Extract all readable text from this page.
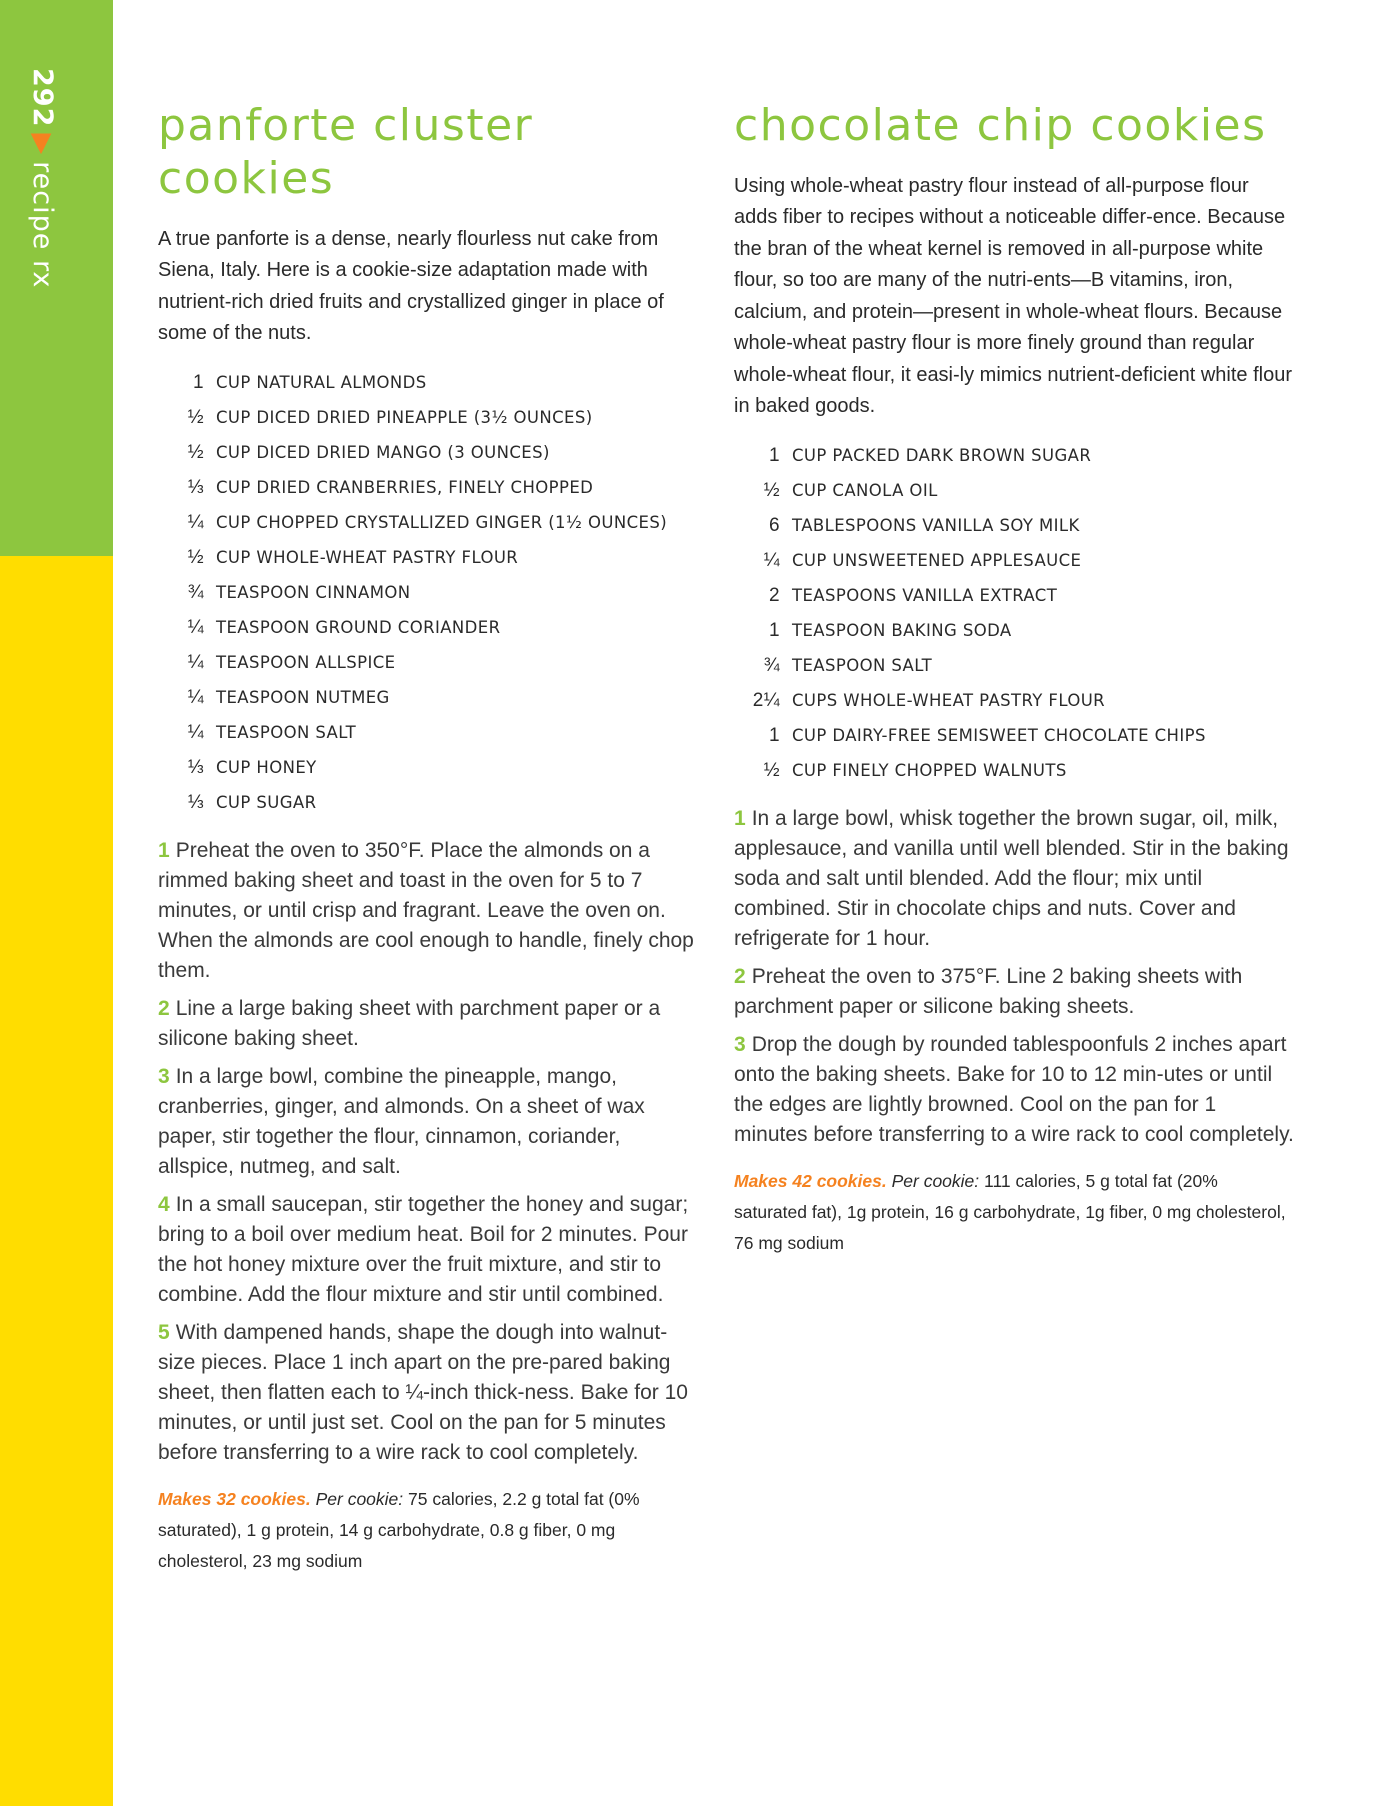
292▶recipe rx
panforte cluster cookies

A true panforte is a dense, nearly flourless nut cake from Siena, Italy. Here is a cookie-size adaptation made with nutrient-rich dried fruits and crystallized ginger in place of some of the nuts.

1 CUP NATURAL ALMONDS
½ CUP DICED DRIED PINEAPPLE (3½ OUNCES)
½ CUP DICED DRIED MANGO (3 OUNCES)
⅓ CUP DRIED CRANBERRIES, FINELY CHOPPED
¼ CUP CHOPPED CRYSTALLIZED GINGER (1½ OUNCES)
½ CUP WHOLE-WHEAT PASTRY FLOUR
¾ TEASPOON CINNAMON
¼ TEASPOON GROUND CORIANDER
¼ TEASPOON ALLSPICE
¼ TEASPOON NUTMEG
¼ TEASPOON SALT
⅓ CUP HONEY
⅓ CUP SUGAR

1 Preheat the oven to 350°F. Place the almonds on a rimmed baking sheet and toast in the oven for 5 to 7 minutes, or until crisp and fragrant. Leave the oven on. When the almonds are cool enough to handle, finely chop them.

2 Line a large baking sheet with parchment paper or a silicone baking sheet.

3 In a large bowl, combine the pineapple, mango, cranberries, ginger, and almonds. On a sheet of wax paper, stir together the flour, cinnamon, coriander, allspice, nutmeg, and salt.

4 In a small saucepan, stir together the honey and sugar; bring to a boil over medium heat. Boil for 2 minutes. Pour the hot honey mixture over the fruit mixture, and stir to combine. Add the flour mixture and stir until combined.

5 With dampened hands, shape the dough into walnut-size pieces. Place 1 inch apart on the pre-pared baking sheet, then flatten each to ¼-inch thick-ness. Bake for 10 minutes, or until just set. Cool on the pan for 5 minutes before transferring to a wire rack to cool completely.

Makes 32 cookies. Per cookie: 75 calories, 2.2 g total fat (0% saturated), 1 g protein, 14 g carbohydrate, 0.8 g fiber, 0 mg cholesterol, 23 mg sodium

chocolate chip cookies

Using whole-wheat pastry flour instead of all-purpose flour adds fiber to recipes without a noticeable differ-ence. Because the bran of the wheat kernel is removed in all-purpose white flour, so too are many of the nutri-ents—B vitamins, iron, calcium, and protein—present in whole-wheat flours. Because whole-wheat pastry flour is more finely ground than regular whole-wheat flour, it easi-ly mimics nutrient-deficient white flour in baked goods.

1 CUP PACKED DARK BROWN SUGAR
½ CUP CANOLA OIL
6 TABLESPOONS VANILLA SOY MILK
¼ CUP UNSWEETENED APPLESAUCE
2 TEASPOONS VANILLA EXTRACT
1 TEASPOON BAKING SODA
¾ TEASPOON SALT
2¼ CUPS WHOLE-WHEAT PASTRY FLOUR
1 CUP DAIRY-FREE SEMISWEET CHOCOLATE CHIPS
½ CUP FINELY CHOPPED WALNUTS

1 In a large bowl, whisk together the brown sugar, oil, milk, applesauce, and vanilla until well blended. Stir in the baking soda and salt until blended. Add the flour; mix until combined. Stir in chocolate chips and nuts. Cover and refrigerate for 1 hour.

2 Preheat the oven to 375°F. Line 2 baking sheets with parchment paper or silicone baking sheets.

3 Drop the dough by rounded tablespoonfuls 2 inches apart onto the baking sheets. Bake for 10 to 12 min-utes or until the edges are lightly browned. Cool on the pan for 1 minutes before transferring to a wire rack to cool completely.

Makes 42 cookies. Per cookie: 111 calories, 5 g total fat (20% saturated fat), 1g protein, 16 g carbohydrate, 1g fiber, 0 mg cholesterol, 76 mg sodium
